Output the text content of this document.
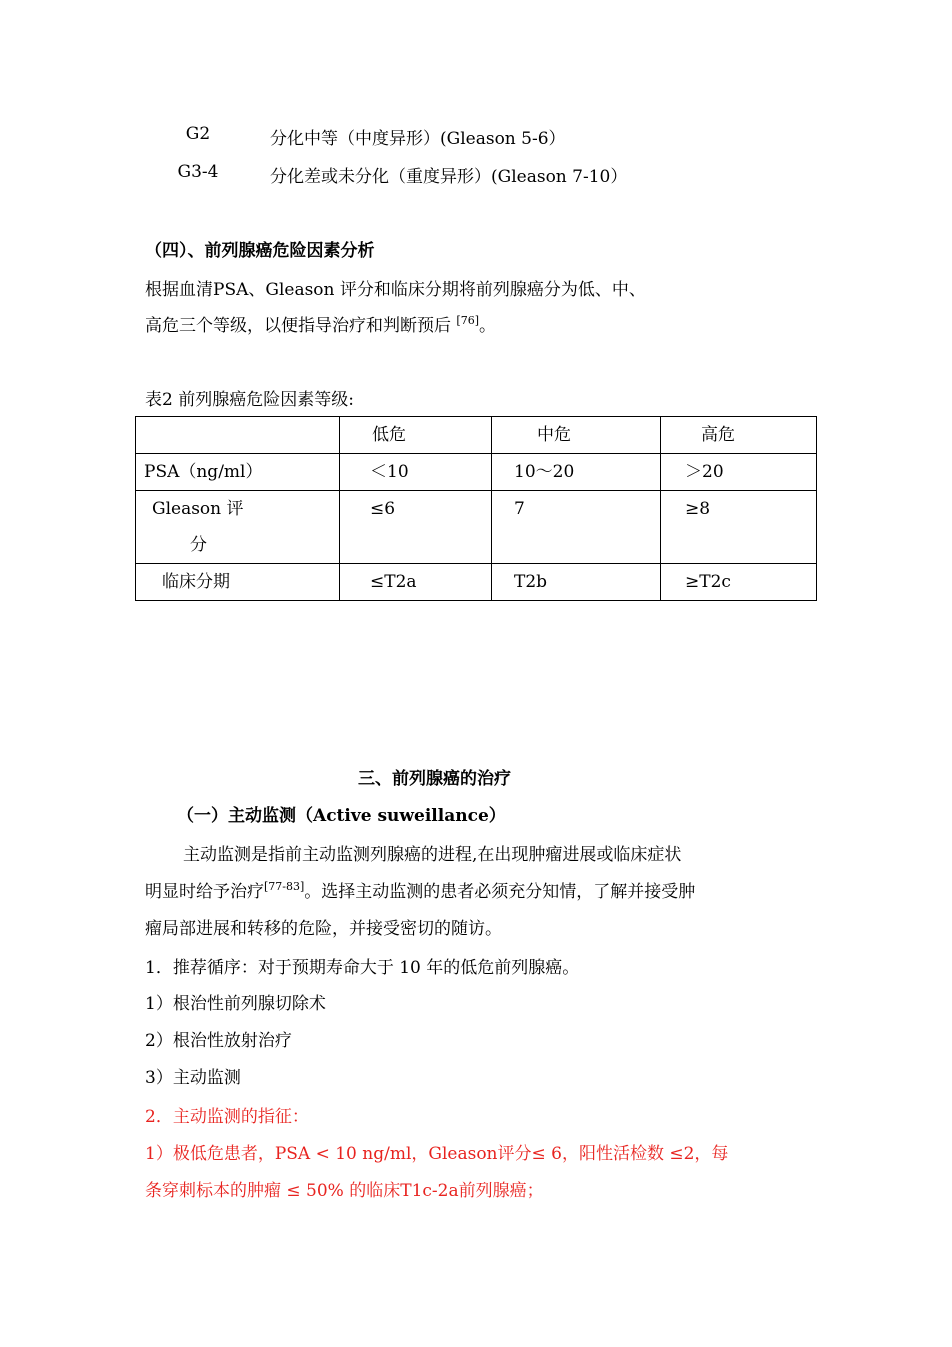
G2	分化中等（中度异形）(Gleason 5-6）
G3-4	分化差或未分化（重度异形）(Gleason 7-10）
（四）、前列腺癌危险因素分析
根据血清PSA、Gleason 评分和临床分期将前列腺癌分为低、中、
高危三个等级，以便指导治疗和判断预后 [76]。
表2 前列腺癌危险因素等级:

	低危	中危	高危

PSA（ng/ml）	＜10	10～20	＞20

Gleason 评
分	≤6	7	≥8

临床分期	≤T2a	T2b	≥T2c
三、前列腺癌的治疗
（一）主动监测（Active suweillance）
主动监测是指前主动监测列腺癌的进程,在出现肿瘤进展或临床症状
明显时给予治疗[77-83]。选择主动监测的患者必须充分知情，了解并接受肿
瘤局部进展和转移的危险，并接受密切的随访。
1．推荐循序：对于预期寿命大于 10 年的低危前列腺癌。
1）根治性前列腺切除术
2）根治性放射治疗
3）主动监测
2．主动监测的指征：
1）极低危患者，PSA < 10 ng/ml，Gleason评分≤ 6，阳性活检数 ≤2，每
条穿刺标本的肿瘤 ≤ 50% 的临床T1c-2a前列腺癌；
